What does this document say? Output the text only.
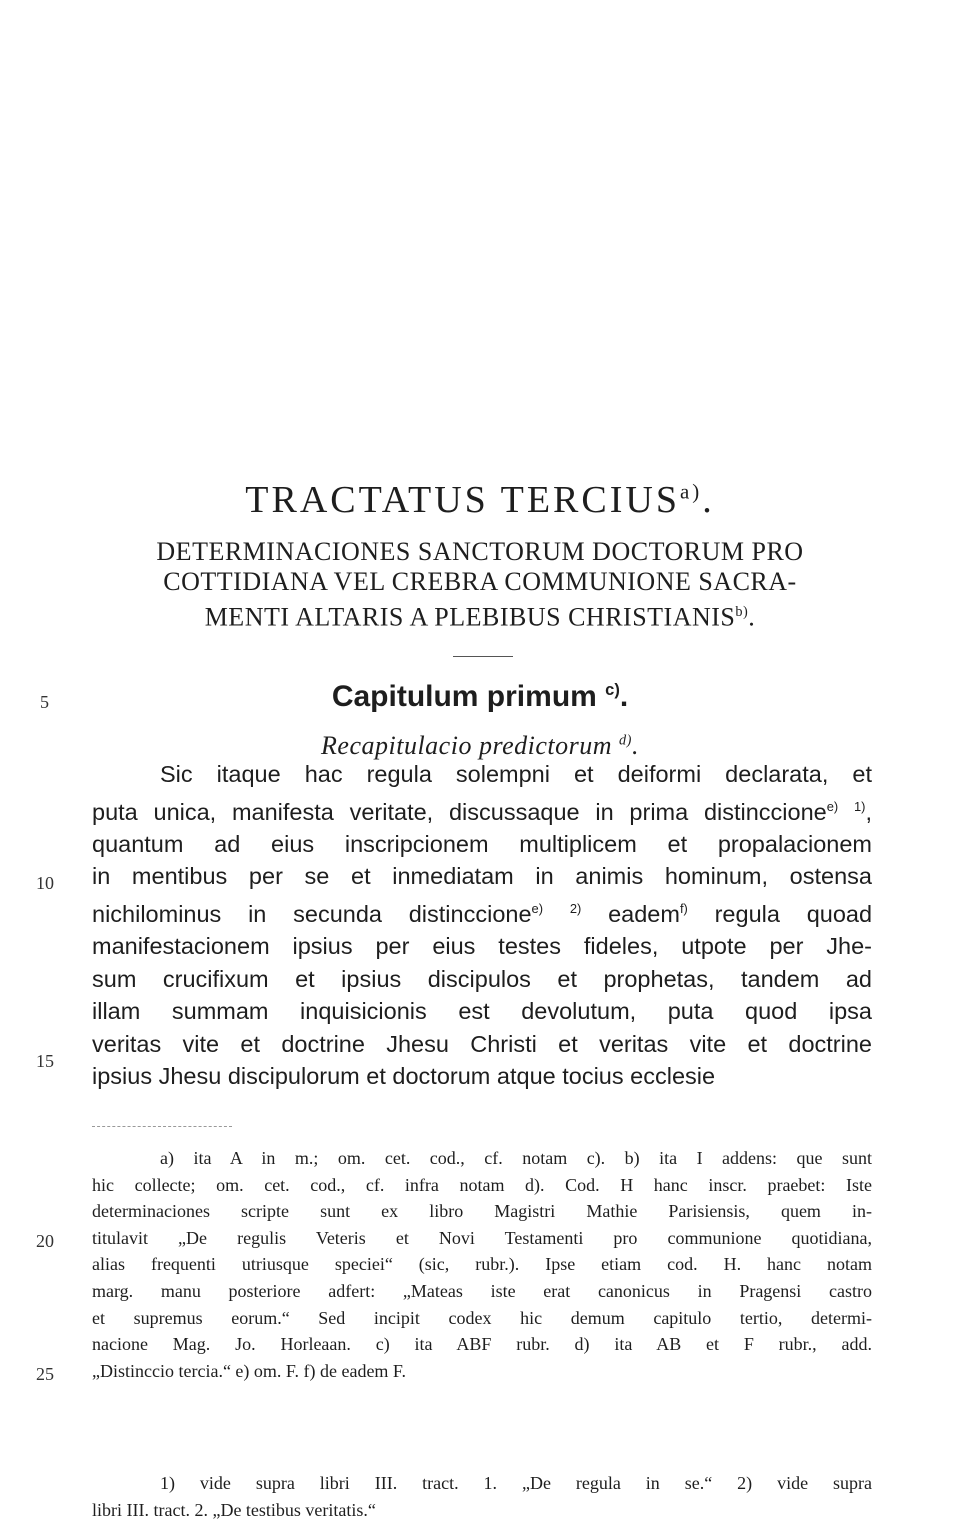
TRACTATUS TERCIUS$^{a)}$.
DETERMINACIONES SANCTORUM DOCTORUM PRO
COTTIDIANA VEL CREBRA COMMUNIONE SACRA-
MENTI ALTARIS A PLEBIBUS CHRISTIANIS$^{b)}$.
5	Capitulum primum $^{c)}$.
Recapitulacio predictorum $^{d)}$.
Sic itaque hac regula solempni et deiformi declarata, et
puta unica, manifesta veritate, discussaque in prima distinccione$^{e)}$ $^{1)}$,
quantum ad eius inscripcionem multiplicem et propalacionem
in mentibus per se et inmediatam in animis hominum, ostensa
nichilominus in secunda distinccione$^{e)}$ $^{2)}$ eadem$^{f)}$ regula quoad
manifestacionem ipsius per eius testes fideles, utpote per Jhe-
sum crucifixum et ipsius discipulos et prophetas, tandem ad
illam summam inquisicionis est devolutum, puta quod ipsa
veritas vite et doctrine Jhesu Christi et veritas vite et doctrine
ipsius Jhesu discipulorum et doctorum atque tocius ecclesie
10
15
a) ita A in m.; om. cet. cod., cf. notam c). b) ita I addens: que sunt
hic collecte; om. cet. cod., cf. infra notam d). Cod. H hanc inscr. praebet: Iste
determinaciones scripte sunt ex libro Magistri Mathie Parisiensis, quem in-
titulavit „De regulis Veteris et Novi Testamenti pro communione quotidiana,
alias frequenti utriusque speciei“ (sic, rubr.). Ipse etiam cod. H. hanc notam
marg. manu posteriore adfert: „Mateas iste erat canonicus in Pragensi castro
et supremus eorum.“ Sed incipit codex hic demum capitulo tertio, determi-
nacione Mag. Jo. Horleaan. c) ita ABF rubr. d) ita AB et F rubr., add.
„Distinccio tercia.“ e) om. F. f) de eadem F.
20
25
1) vide supra libri III. tract. 1. „De regula in se.“ 2) vide supra
libri III. tract. 2. „De testibus veritatis.“
